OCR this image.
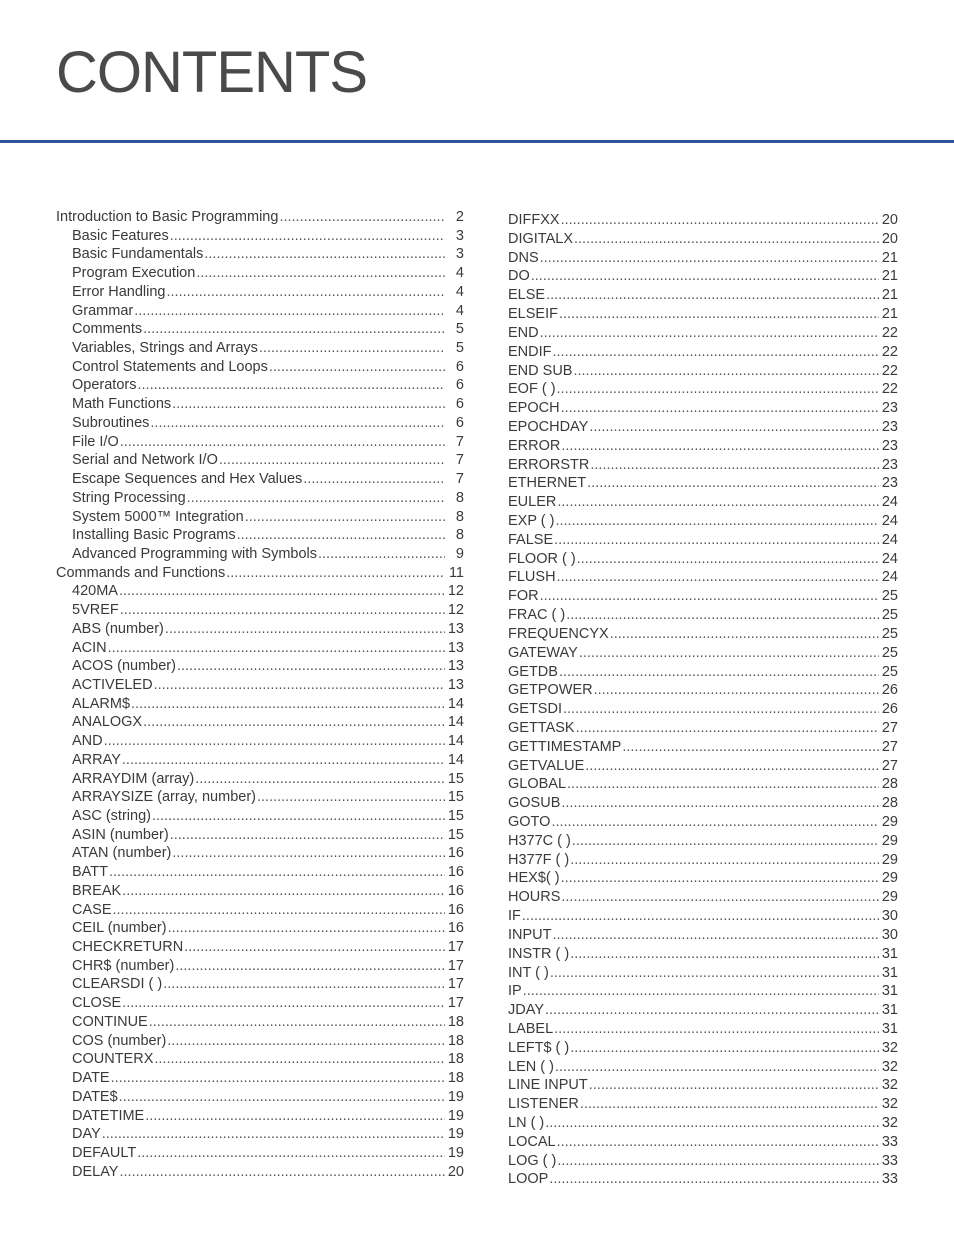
CONTENTS
Introduction to Basic Programming .....	2
Basic Features .....	3
Basic Fundamentals .....	3
Program Execution .....	4
Error Handling .....	4
Grammar .....	4
Comments .....	5
Variables, Strings and Arrays .....	5
Control Statements and Loops .....	6
Operators .....	6
Math Functions .....	6
Subroutines .....	6
File I/O .....	7
Serial and Network I/O .....	7
Escape Sequences and Hex Values .....	7
String Processing .....	8
System 5000™ Integration .....	8
Installing Basic Programs .....	8
Advanced Programming with Symbols .....	9
Commands and Functions .....	11
420MA .....	12
5VREF .....	12
ABS (number) .....	13
ACIN .....	13
ACOS (number) .....	13
ACTIVELED .....	13
ALARM$ .....	14
ANALOGX .....	14
AND .....	14
ARRAY .....	14
ARRAYDIM (array) .....	15
ARRAYSIZE (array, number) .....	15
ASC (string) .....	15
ASIN (number) .....	15
ATAN (number) .....	16
BATT .....	16
BREAK .....	16
CASE .....	16
CEIL (number) .....	16
CHECKRETURN .....	17
CHR$ (number) .....	17
CLEARSDI ( ) .....	17
CLOSE .....	17
CONTINUE .....	18
COS (number) .....	18
COUNTERX .....	18
DATE .....	18
DATE$ .....	19
DATETIME .....	19
DAY .....	19
DEFAULT .....	19
DELAY .....	20
DIFFXX .....	20
DIGITALX .....	20
DNS .....	21
DO .....	21
ELSE .....	21
ELSEIF .....	21
END .....	22
ENDIF .....	22
END SUB .....	22
EOF ( ) .....	22
EPOCH .....	23
EPOCHDAY .....	23
ERROR .....	23
ERRORSTR .....	23
ETHERNET .....	23
EULER .....	24
EXP ( ) .....	24
FALSE .....	24
FLOOR ( ) .....	24
FLUSH .....	24
FOR .....	25
FRAC ( ) .....	25
FREQUENCYX .....	25
GATEWAY .....	25
GETDB .....	25
GETPOWER .....	26
GETSDI .....	26
GETTASK .....	27
GETTIMESTAMP .....	27
GETVALUE .....	27
GLOBAL .....	28
GOSUB .....	28
GOTO .....	29
H377C ( ) .....	29
H377F ( ) .....	29
HEX$( ) .....	29
HOURS .....	29
IF .....	30
INPUT .....	30
INSTR ( ) .....	31
INT ( ) .....	31
IP .....	31
JDAY .....	31
LABEL .....	31
LEFT$ ( ) .....	32
LEN ( ) .....	32
LINE INPUT .....	32
LISTENER .....	32
LN ( ) .....	32
LOCAL .....	33
LOG ( ) .....	33
LOOP .....	33
